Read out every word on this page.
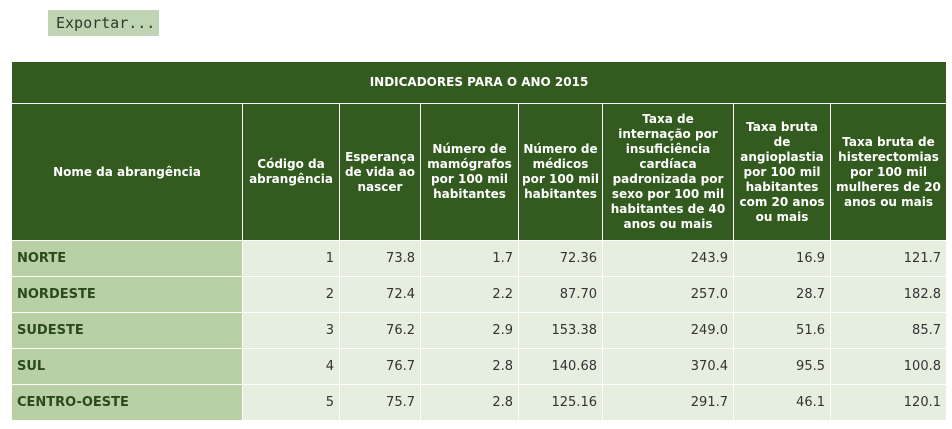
Exportar...
INDICADORES PARA O ANO 2015							
Nome da abrangência	Código da abrangência	Esperança de vida ao nascer	Número de mamógrafos por 100 mil habitantes	Número de médicos por 100 mil habitantes	Taxa de internação por insuficiência cardíaca padronizada por sexo por 100 mil habitantes de 40 anos ou mais	Taxa bruta de angioplastia por 100 mil habitantes com 20 anos ou mais	Taxa bruta de histerectomias por 100 mil mulheres de 20 anos ou mais
NORTE	1	73.8	1.7	72.36	243.9	16.9	121.7
NORDESTE	2	72.4	2.2	87.70	257.0	28.7	182.8
SUDESTE	3	76.2	2.9	153.38	249.0	51.6	85.7
SUL	4	76.7	2.8	140.68	370.4	95.5	100.8
CENTRO-OESTE	5	75.7	2.8	125.16	291.7	46.1	120.1
